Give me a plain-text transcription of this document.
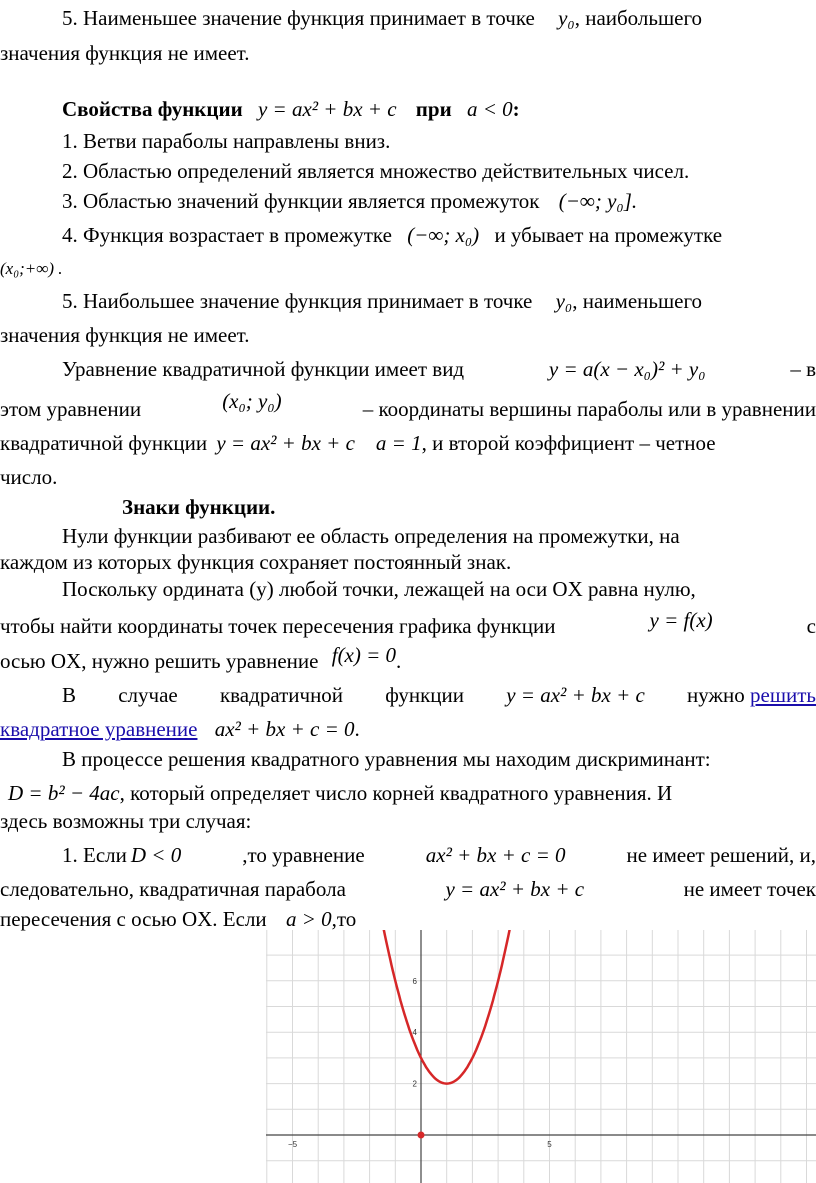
5. Наименьшее значение функция принимает в точке y₀, наибольшего
значения функция не имеет.
Свойства функции y = ax² + bx + c при a < 0:
1. Ветви параболы направлены вниз.
2. Областью определений является множество действительных чисел.
3. Областью значений функции является промежуток (−∞; y₀].
4. Функция возрастает в промежутке (−∞; x₀) и убывает на промежутке
(x₀;+∞) .
5. Наибольшее значение функция принимает в точке y₀, наименьшего
значения функция не имеет.
Уравнение квадратичной функции имеет вид	y = a(x − x₀)² + y₀	– в
этом уравнении	(x₀; y₀)	– координаты вершины параболы или в уравнении
квадратичной функции y = ax² + bx + c    a = 1, и второй коэффициент – четное
число.
Знаки функции.
Нули функции разбивают ее область определения на промежутки, на
каждом из которых функция сохраняет постоянный знак.
Поскольку ордината (у) любой точки, лежащей на оси OX равна нулю,
чтобы найти координаты точек пересечения графика функции	y = f(x)	с
осью OX, нужно решить уравнение f(x) = 0.
В случае квадратичной функции y = ax² + bx + c нужно решить
квадратное уравнение ax² + bx + c = 0.
В процессе решения квадратного уравнения мы находим дискриминант:
D = b² − 4ac, который определяет число корней квадратного уравнения. И
здесь возможны три случая:
1. Если D < 0	,то уравнение	ax² + bx + c = 0	не имеет решений, и,
следовательно, квадратичная парабола	y = ax² + bx + c	не имеет точек
пересечения с осью OX. Если a > 0,то
−5	5
2
4
6
